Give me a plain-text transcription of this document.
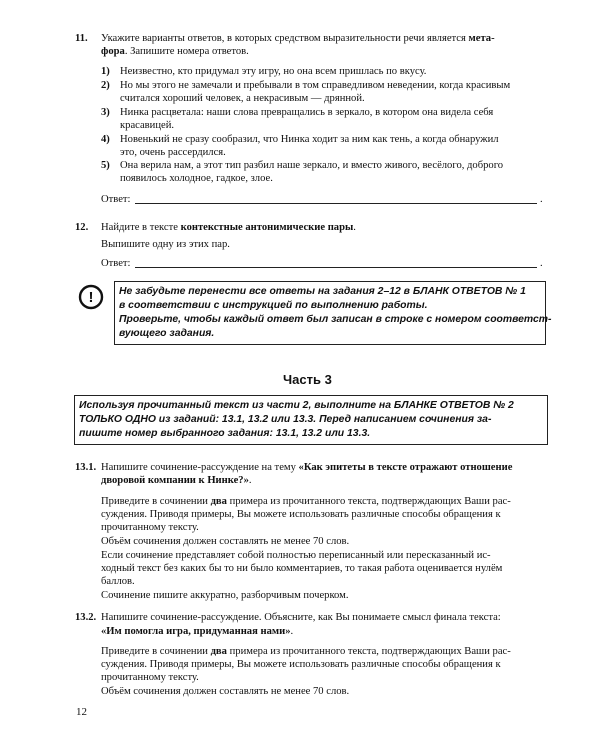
11. Укажите варианты ответов, в которых средством выразительности речи является мета-
фора. Запишите номера ответов.
1) Неизвестно, кто придумал эту игру, но она всем пришлась по вкусу.
2) Но мы этого не замечали и пребывали в том справедливом неведении, когда красивым
считался хороший человек, а некрасивым — дрянной.
3) Нинка расцветала: наши слова превращались в зеркало, в котором она видела себя
красавицей.
4) Новенький не сразу сообразил, что Нинка ходит за ним как тень, а когда обнаружил
это, очень рассердился.
5) Она верила нам, а этот тип разбил наше зеркало, и вместо живого, весёлого, доброго
появилось холодное, гадкое, злое.
Ответ:	.
12. Найдите в тексте контекстные антонимические пары.
Выпишите одну из этих пар.
Ответ:	.
! Не забудьте перенести все ответы на задания 2–12 в БЛАНК ОТВЕТОВ № 1
в соответствии с инструкцией по выполнению работы.
Проверьте, чтобы каждый ответ был записан в строке с номером соответст-
вующего задания.
Часть 3
Используя прочитанный текст из части 2, выполните на БЛАНКЕ ОТВЕТОВ № 2
ТОЛЬКО ОДНО из заданий: 13.1, 13.2 или 13.3. Перед написанием сочинения за-
пишите номер выбранного задания: 13.1, 13.2 или 13.3.
13.1. Напишите сочинение-рассуждение на тему «Как эпитеты в тексте отражают отношение
дворовой компании к Нинке?».
Приведите в сочинении два примера из прочитанного текста, подтверждающих Ваши рас-
суждения. Приводя примеры, Вы можете использовать различные способы обращения к
прочитанному тексту.
Объём сочинения должен составлять не менее 70 слов.
Если сочинение представляет собой полностью переписанный или пересказанный ис-
ходный текст без каких бы то ни было комментариев, то такая работа оценивается нулём
баллов.
Сочинение пишите аккуратно, разборчивым почерком.
13.2. Напишите сочинение-рассуждение. Объясните, как Вы понимаете смысл финала текста:
«Им помогла игра, придуманная нами».
Приведите в сочинении два примера из прочитанного текста, подтверждающих Ваши рас-
суждения. Приводя примеры, Вы можете использовать различные способы обращения к
прочитанному тексту.
Объём сочинения должен составлять не менее 70 слов.
12
